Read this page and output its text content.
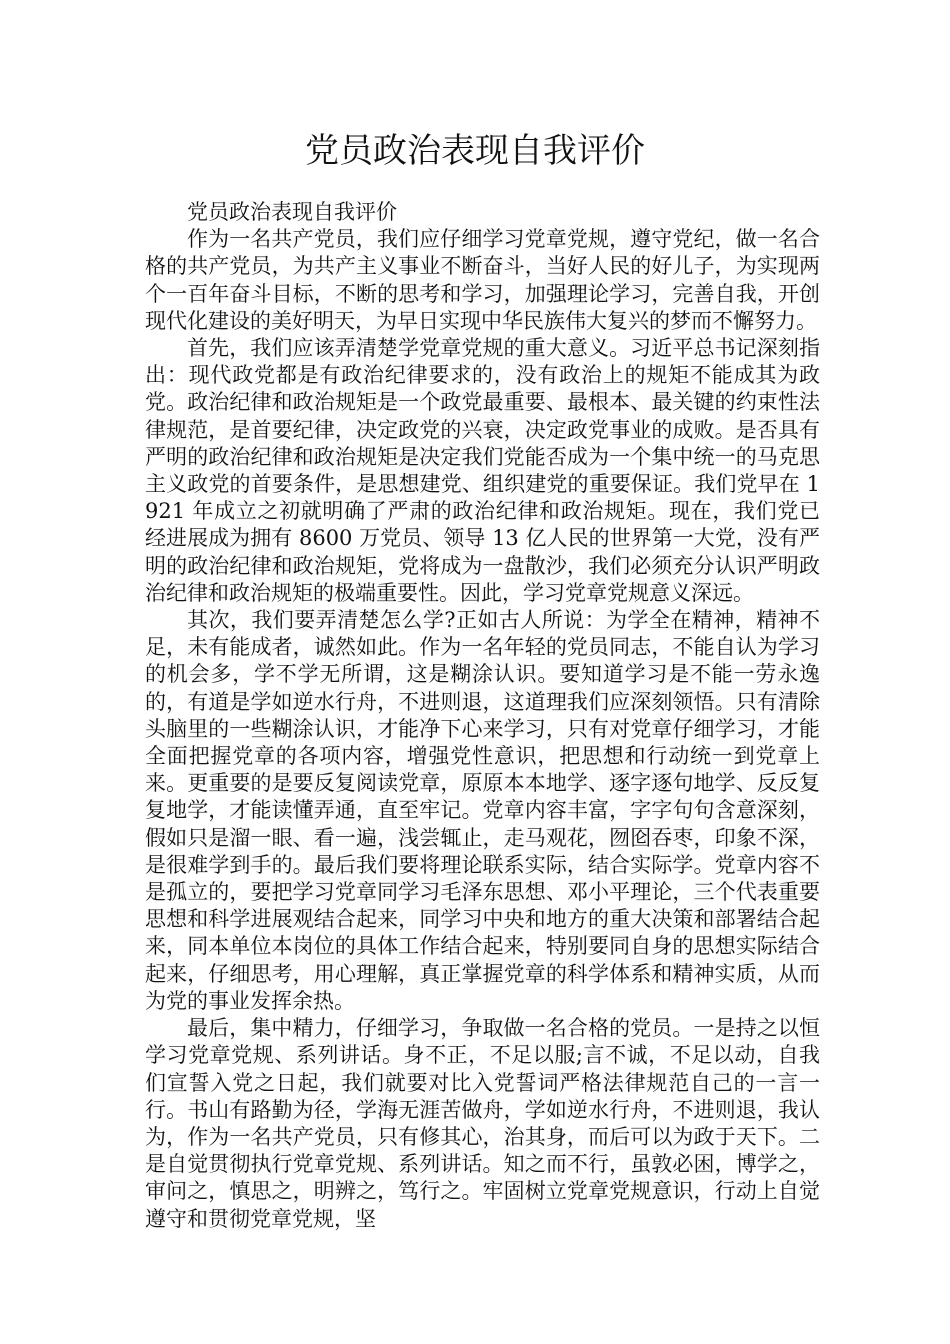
党员政治表现自我评价

党员政治表现自我评价

作为一名共产党员，我们应仔细学习党章党规，遵守党纪，做一名合格的共产党员，为共产主义事业不断奋斗，当好人民的好儿子，为实现两个一百年奋斗目标，不断的思考和学习，加强理论学习，完善自我，开创现代化建设的美好明天，为早日实现中华民族伟大复兴的梦而不懈努力。

首先，我们应该弄清楚学党章党规的重大意义。习近平总书记深刻指出：现代政党都是有政治纪律要求的，没有政治上的规矩不能成其为政党。政治纪律和政治规矩是一个政党最重要、最根本、最关键的约束性法律规范，是首要纪律，决定政党的兴衰，决定政党事业的成败。是否具有严明的政治纪律和政治规矩是决定我们党能否成为一个集中统一的马克思主义政党的首要条件，是思想建党、组织建党的重要保证。我们党早在 1921 年成立之初就明确了严肃的政治纪律和政治规矩。现在，我们党已经进展成为拥有 8600 万党员、领导 13 亿人民的世界第一大党，没有严明的政治纪律和政治规矩，党将成为一盘散沙，我们必须充分认识严明政治纪律和政治规矩的极端重要性。因此，学习党章党规意义深远。

其次，我们要弄清楚怎么学?正如古人所说：为学全在精神，精神不足，未有能成者，诚然如此。作为一名年轻的党员同志，不能自认为学习的机会多，学不学无所谓，这是糊涂认识。要知道学习是不能一劳永逸的，有道是学如逆水行舟，不进则退，这道理我们应深刻领悟。只有清除头脑里的一些糊涂认识，才能净下心来学习，只有对党章仔细学习，才能全面把握党章的各项内容，增强党性意识，把思想和行动统一到党章上来。更重要的是要反复阅读党章，原原本本地学、逐字逐句地学、反反复复地学，才能读懂弄通，直至牢记。党章内容丰富，字字句句含意深刻，假如只是溜一眼、看一遍，浅尝辄止，走马观花，囫囵吞枣，印象不深，是很难学到手的。最后我们要将理论联系实际，结合实际学。党章内容不是孤立的，要把学习党章同学习毛泽东思想、邓小平理论，三个代表重要思想和科学进展观结合起来，同学习中央和地方的重大决策和部署结合起来，同本单位本岗位的具体工作结合起来，特别要同自身的思想实际结合起来，仔细思考，用心理解，真正掌握党章的科学体系和精神实质，从而为党的事业发挥余热。

最后，集中精力，仔细学习，争取做一名合格的党员。一是持之以恒学习党章党规、系列讲话。身不正，不足以服;言不诚，不足以动，自我们宣誓入党之日起，我们就要对比入党誓词严格法律规范自己的一言一行。书山有路勤为径，学海无涯苦做舟，学如逆水行舟，不进则退，我认为，作为一名共产党员，只有修其心，治其身，而后可以为政于天下。二是自觉贯彻执行党章党规、系列讲话。知之而不行，虽敦必困，博学之，审问之，慎思之，明辨之，笃行之。牢固树立党章党规意识，行动上自觉遵守和贯彻党章党规，坚
